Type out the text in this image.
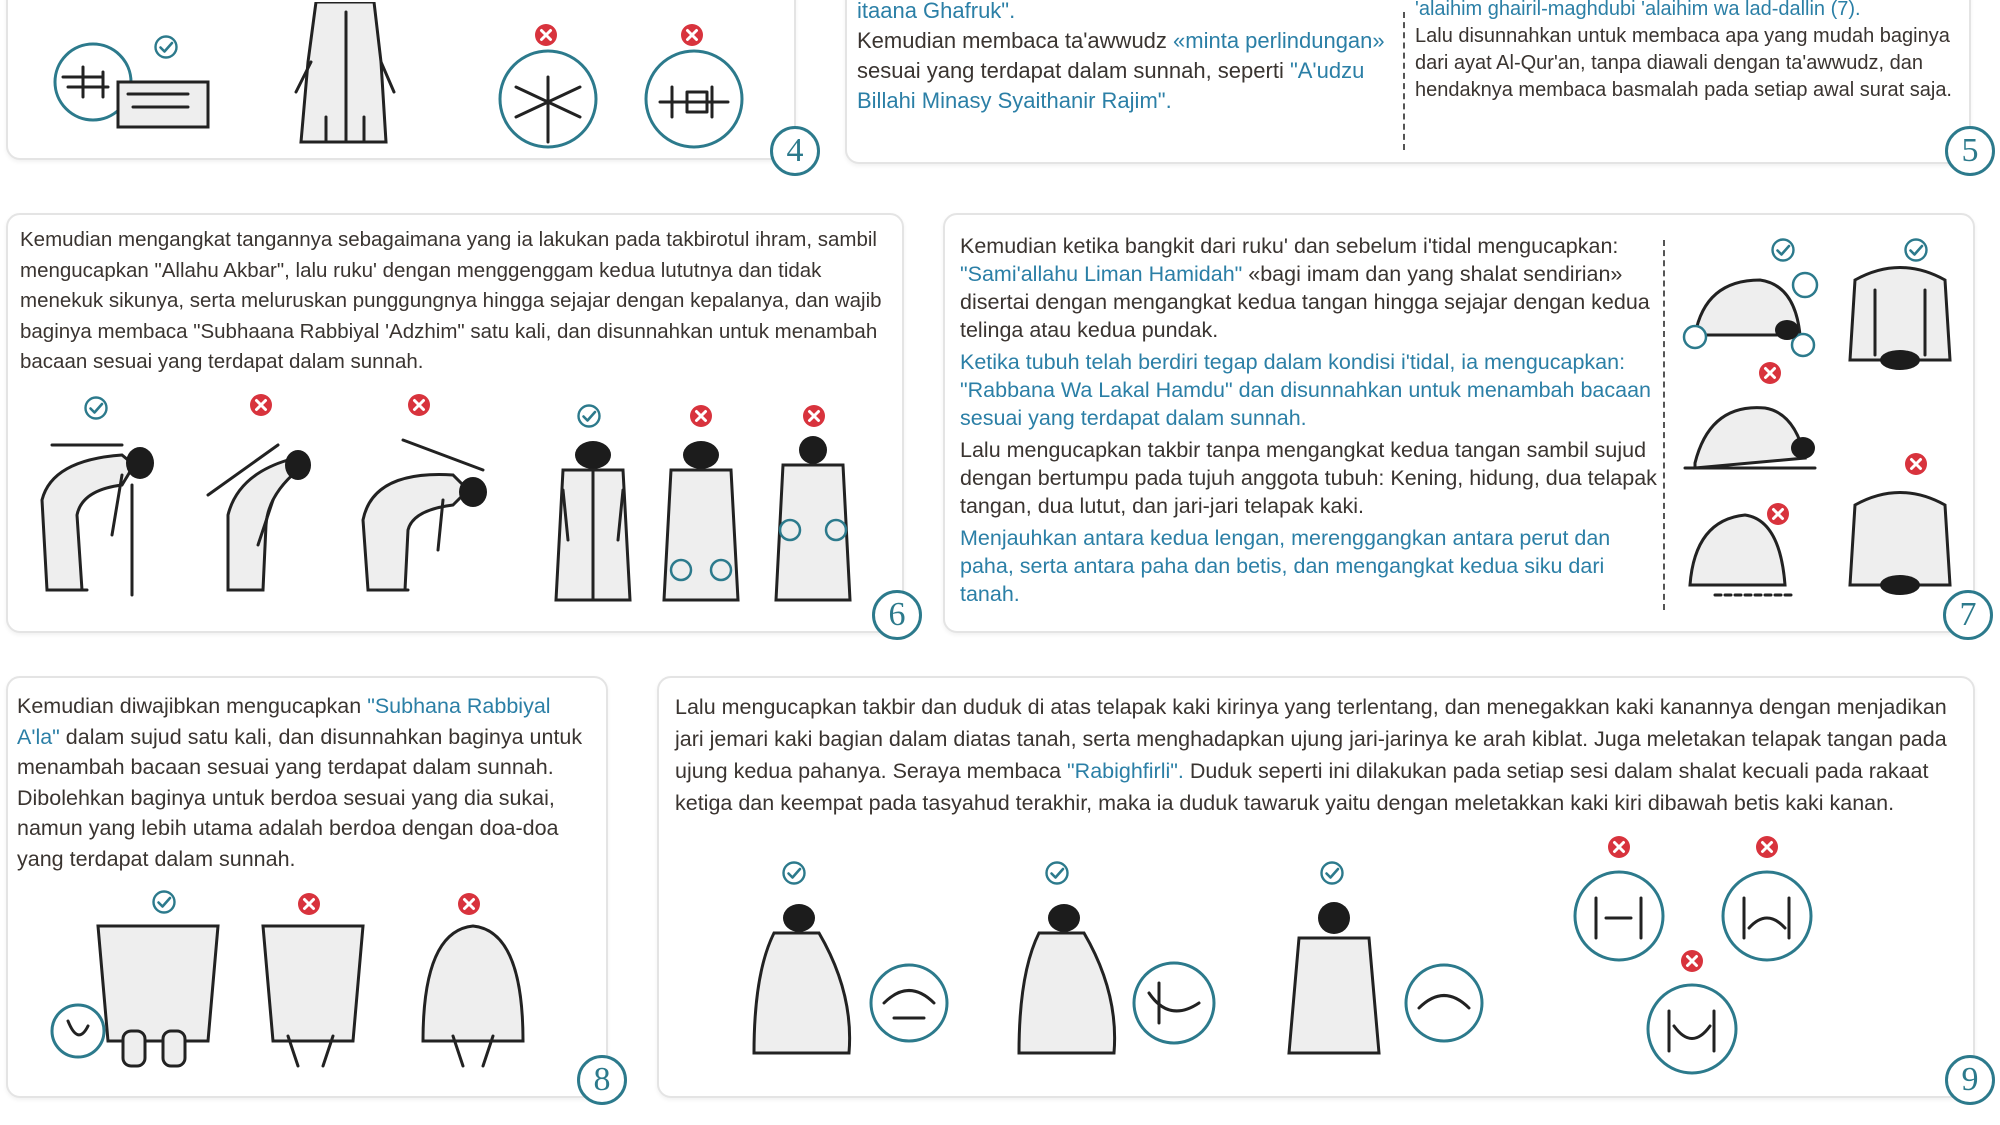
4
itaana Ghafruk".
Kemudian membaca ta'awwudz «minta perlindungan» sesuai yang terdapat dalam sunnah, seperti "A'udzu Billahi Minasy Syaithanir Rajim".
'alaihim ghairil-maghdubi 'alaihim wa lad-dallin (7).
Lalu disunnahkan untuk membaca apa yang mudah baginya dari ayat Al-Qur'an, tanpa diawali dengan ta'awwudz, dan hendaknya membaca basmalah pada setiap awal surat saja.
5
Kemudian mengangkat tangannya sebagaimana yang ia lakukan pada takbirotul ihram, sambil mengucapkan "Allahu Akbar", lalu ruku' dengan menggenggam kedua lututnya dan tidak menekuk sikunya, serta meluruskan punggungnya hingga sejajar dengan kepalanya, dan wajib baginya membaca "Subhaana Rabbiyal 'Adzhim" satu kali, dan disunnahkan untuk menambah bacaan sesuai yang terdapat dalam sunnah.
6

Kemudian ketika bangkit dari ruku' dan sebelum i'tidal mengucapkan: "Sami'allahu Liman Hamidah" «bagi imam dan yang shalat sendirian» disertai dengan mengangkat kedua tangan hingga sejajar dengan kedua telinga atau kedua pundak.

Ketika tubuh telah berdiri tegap dalam kondisi i'tidal, ia mengucapkan: "Rabbana Wa Lakal Hamdu" dan disunnahkan untuk menambah bacaan sesuai yang terdapat dalam sunnah.

Lalu mengucapkan takbir tanpa mengangkat kedua tangan sambil sujud dengan bertumpu pada tujuh anggota tubuh: Kening, hidung, dua telapak tangan, dua lutut, dan jari-jari telapak kaki.

Menjauhkan antara kedua lengan, merenggangkan antara perut dan paha, serta antara paha dan betis, dan mengangkat kedua siku dari tanah.

7
Kemudian diwajibkan mengucapkan "Subhana Rabbiyal A'la" dalam sujud satu kali, dan disunnahkan baginya untuk menambah bacaan sesuai yang terdapat dalam sunnah. Dibolehkan baginya untuk berdoa sesuai yang dia sukai, namun yang lebih utama adalah berdoa dengan doa-doa yang terdapat dalam sunnah.
8
Lalu mengucapkan takbir dan duduk di atas telapak kaki kirinya yang terlentang, dan menegakkan kaki kanannya dengan menjadikan jari jemari kaki bagian dalam diatas tanah, serta menghadapkan ujung jari-jarinya ke arah kiblat. Juga meletakan telapak tangan pada ujung kedua pahanya. Seraya membaca "Rabighfirli". Duduk seperti ini dilakukan pada setiap sesi dalam shalat kecuali pada rakaat ketiga dan keempat pada tasyahud terakhir, maka ia duduk tawaruk yaitu dengan meletakkan kaki kiri dibawah betis kaki kanan.
9
